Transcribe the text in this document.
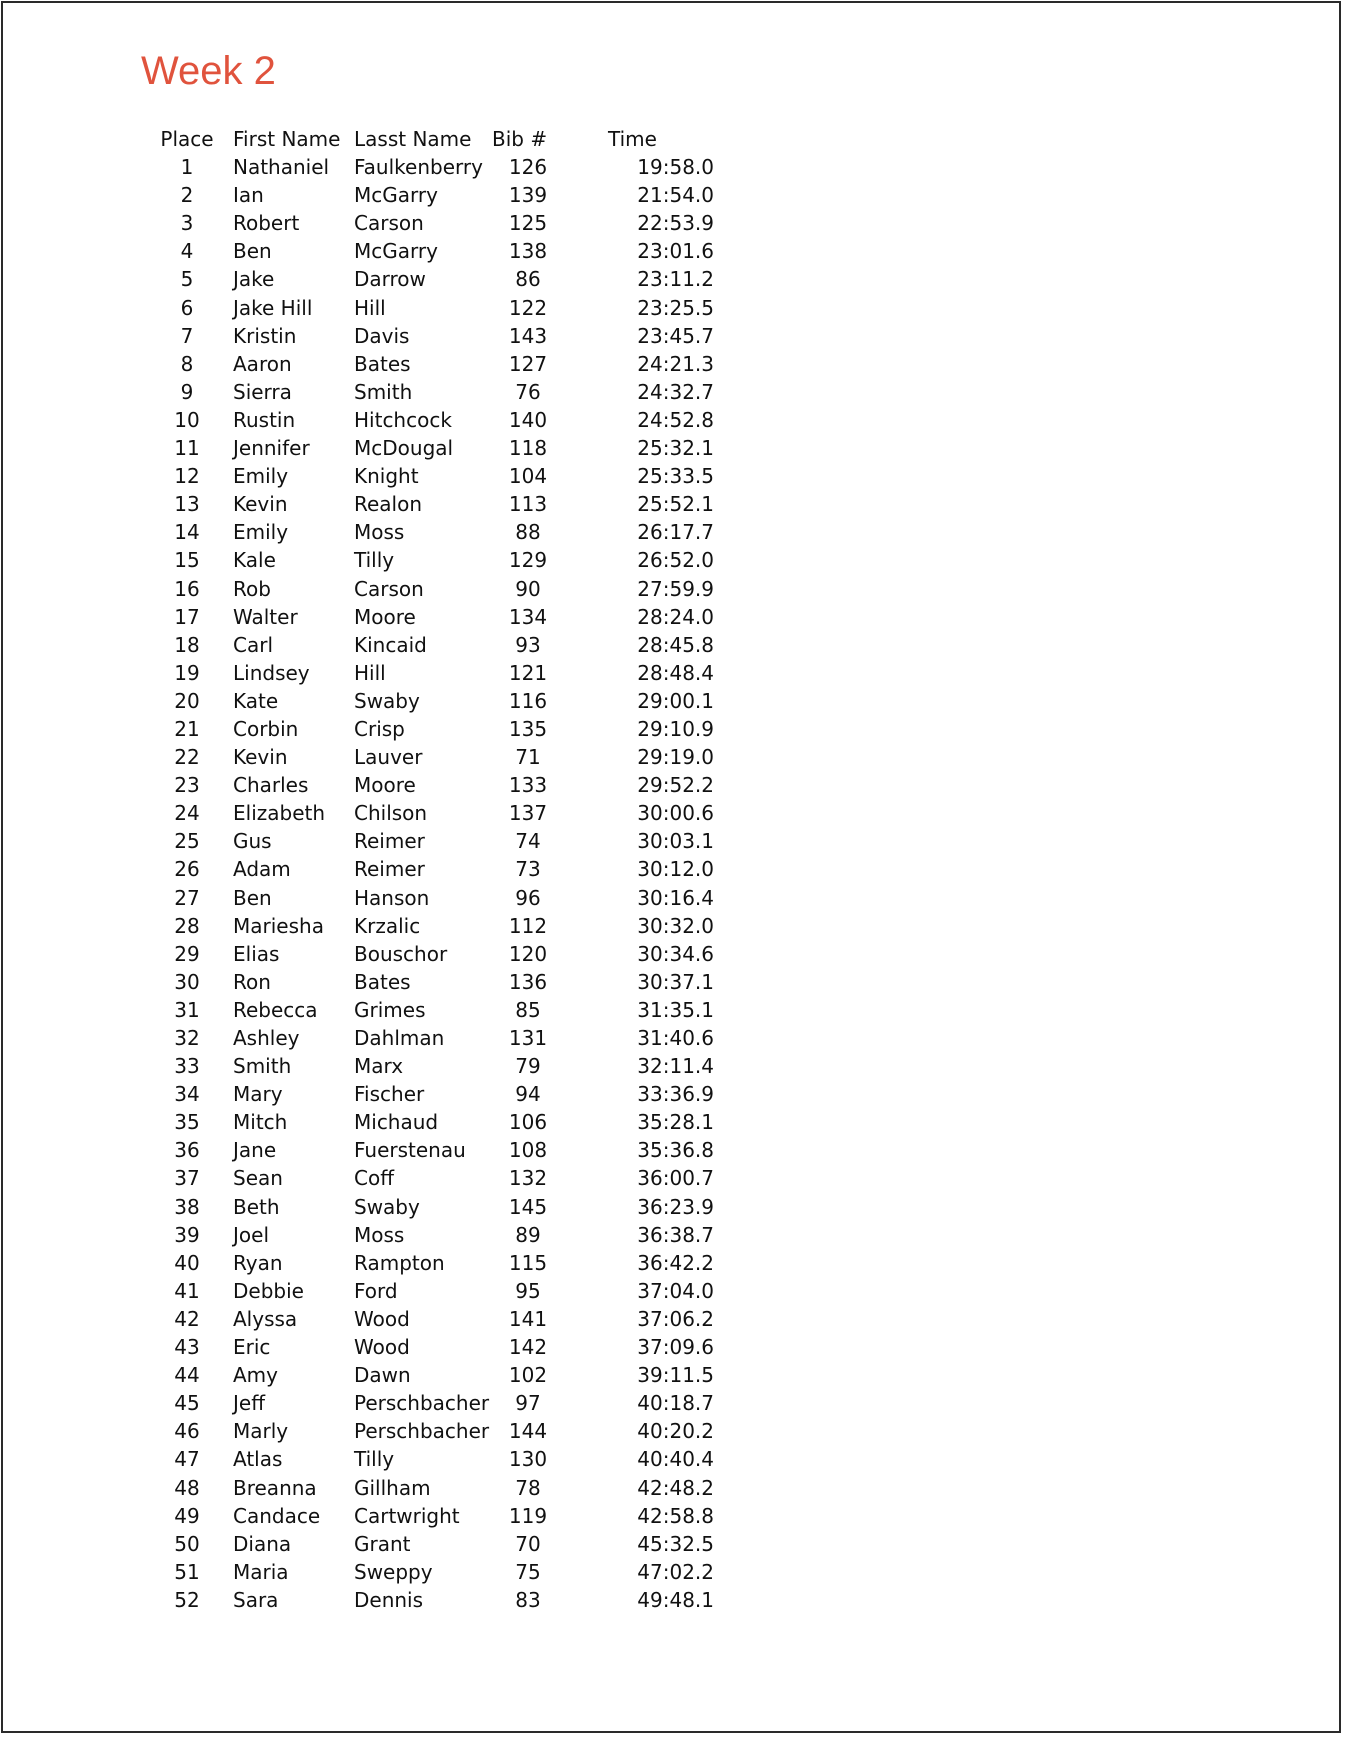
Week 2
Place	First Name	Lasst Name	Bib #	Time
1	Nathaniel	Faulkenberry	126	19:58.0
2	Ian	McGarry	139	21:54.0
3	Robert	Carson	125	22:53.9
4	Ben	McGarry	138	23:01.6
5	Jake	Darrow	86	23:11.2
6	Jake Hill	Hill	122	23:25.5
7	Kristin	Davis	143	23:45.7
8	Aaron	Bates	127	24:21.3
9	Sierra	Smith	76	24:32.7
10	Rustin	Hitchcock	140	24:52.8
11	Jennifer	McDougal	118	25:32.1
12	Emily	Knight	104	25:33.5
13	Kevin	Realon	113	25:52.1
14	Emily	Moss	88	26:17.7
15	Kale	Tilly	129	26:52.0
16	Rob	Carson	90	27:59.9
17	Walter	Moore	134	28:24.0
18	Carl	Kincaid	93	28:45.8
19	Lindsey	Hill	121	28:48.4
20	Kate	Swaby	116	29:00.1
21	Corbin	Crisp	135	29:10.9
22	Kevin	Lauver	71	29:19.0
23	Charles	Moore	133	29:52.2
24	Elizabeth	Chilson	137	30:00.6
25	Gus	Reimer	74	30:03.1
26	Adam	Reimer	73	30:12.0
27	Ben	Hanson	96	30:16.4
28	Mariesha	Krzalic	112	30:32.0
29	Elias	Bouschor	120	30:34.6
30	Ron	Bates	136	30:37.1
31	Rebecca	Grimes	85	31:35.1
32	Ashley	Dahlman	131	31:40.6
33	Smith	Marx	79	32:11.4
34	Mary	Fischer	94	33:36.9
35	Mitch	Michaud	106	35:28.1
36	Jane	Fuerstenau	108	35:36.8
37	Sean	Coff	132	36:00.7
38	Beth	Swaby	145	36:23.9
39	Joel	Moss	89	36:38.7
40	Ryan	Rampton	115	36:42.2
41	Debbie	Ford	95	37:04.0
42	Alyssa	Wood	141	37:06.2
43	Eric	Wood	142	37:09.6
44	Amy	Dawn	102	39:11.5
45	Jeff	Perschbacher	97	40:18.7
46	Marly	Perschbacher	144	40:20.2
47	Atlas	Tilly	130	40:40.4
48	Breanna	Gillham	78	42:48.2
49	Candace	Cartwright	119	42:58.8
50	Diana	Grant	70	45:32.5
51	Maria	Sweppy	75	47:02.2
52	Sara	Dennis	83	49:48.1
